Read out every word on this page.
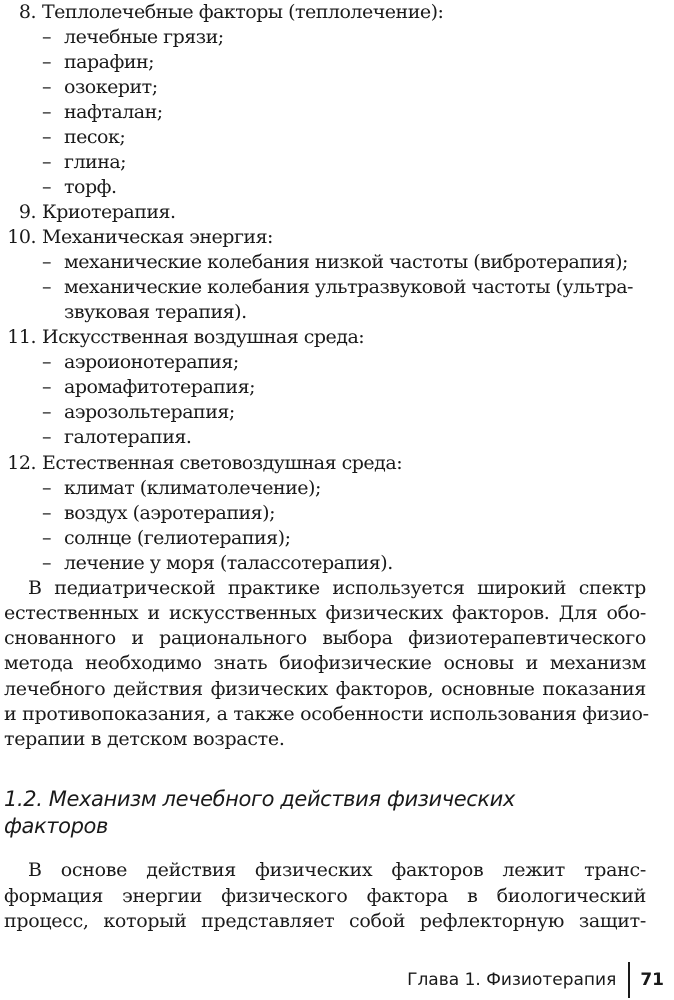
8. Теплолечебные факторы (теплолечение):
– лечебные грязи;
– парафин;
– озокерит;
– нафталан;
– песок;
– глина;
– торф.
9. Криотерапия.
10. Механическая энергия:
– механические колебания низкой частоты (вибротерапия);
– механические колебания ультразвуковой частоты (ультра-
звуковая терапия).
11. Искусственная воздушная среда:
– аэроионотерапия;
– аромафитотерапия;
– аэрозольтерапия;
– галотерапия.
12. Естественная световоздушная среда:
– климат (климатолечение);
– воздух (аэротерапия);
– солнце (гелиотерапия);
– лечение у моря (талассотерапия).
В педиатрической практике используется широкий спектр
естественных и искусственных физических факторов. Для обо-
снованного и рационального выбора физиотерапевтического
метода необходимо знать биофизические основы и механизм
лечебного действия физических факторов, основные показания
и противопоказания, а также особенности использования физио-
терапии в детском возрасте.
1.2. Механизм лечебного действия физических
факторов
В основе действия физических факторов лежит транс-
формация энергии физического фактора в биологический
процесс, который представляет собой рефлекторную защит-
Глава 1. Физиотерапия 71
